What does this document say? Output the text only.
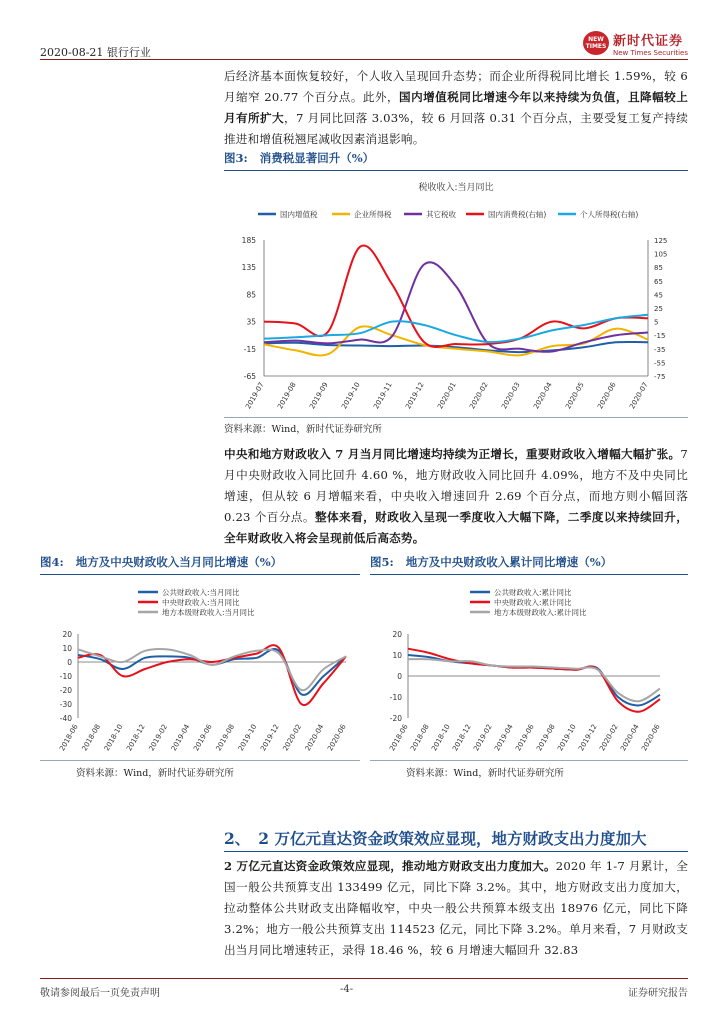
2020-08-21 银行行业
NEW TIMES 新时代证券
New Times Securities
后经济基本面恢复较好，个人收入呈现回升态势；而企业所得税同比增长 1.59%，较 6 月缩窄 20.77 个百分点。此外，国内增值税同比增速今年以来持续为负值，且降幅较上月有所扩大，7 月同比回落 3.03%，较 6 月回落 0.31 个百分点，主要受复工复产持续推进和增值税翘尾减收因素消退影响。
图3: 消费税显著回升（%）
税收收入:当月同比
国内增值税	企业所得税	其它税收	国内消费税(右轴)	个人所得税(右轴)
185
135
85
35
-15
-65
125
105
85
65
45
25
5
-15
-35
-55
-75
2019-07 2019-08 2019-09 2019-10 2019-11 2019-12 2020-01 2020-02 2020-03 2020-04 2020-05 2020-06 2020-07
资料来源：Wind，新时代证券研究所
中央和地方财政收入 7 月当月同比增速均持续为正增长，重要财政收入增幅大幅扩张。7 月中央财政收入同比回升 4.60 %，地方财政收入同比回升 4.09%，地方不及中央同比增速，但从较 6 月增幅来看，中央收入增速回升 2.69 个百分点，而地方则小幅回落 0.23 个百分点。整体来看，财政收入呈现一季度收入大幅下降，二季度以来持续回升，全年财政收入将会呈现前低后高态势。
图4: 地方及中央财政收入当月同比增速（%）
公共财政收入:当月同比
中央财政收入:当月同比
地方本级财政收入:当月同比
20
10
0
-10
-20
-30
-40
2018-06 2018-08 2018-10 2018-12 2019-02 2019-04 2019-06 2019-08 2019-10 2019-12 2020-02 2020-04 2020-06
资料来源：Wind，新时代证券研究所
图5: 地方及中央财政收入累计同比增速（%）
公共财政收入:累计同比
中央财政收入:累计同比
地方本级财政收入:累计同比
20
10
0
-10
-20
2018-06 2018-08 2018-10 2018-12 2019-02 2019-04 2019-06 2019-08 2019-10 2019-12 2020-02 2020-04 2020-06
资料来源：Wind，新时代证券研究所
2、 2 万亿元直达资金政策效应显现，地方财政支出力度加大
2 万亿元直达资金政策效应显现，推动地方财政支出力度加大。2020 年 1-7 月累计，全国一般公共预算支出 133499 亿元，同比下降 3.2%。其中，地方财政支出力度加大，拉动整体公共财政支出降幅收窄，中央一般公共预算本级支出 18976 亿元，同比下降 3.2%；地方一般公共预算支出 114523 亿元，同比下降 3.2%。单月来看，7 月财政支出当月同比增速转正，录得 18.46 %，较 6 月增速大幅回升 32.83
敬请参阅最后一页免责声明	-4-	证券研究报告
